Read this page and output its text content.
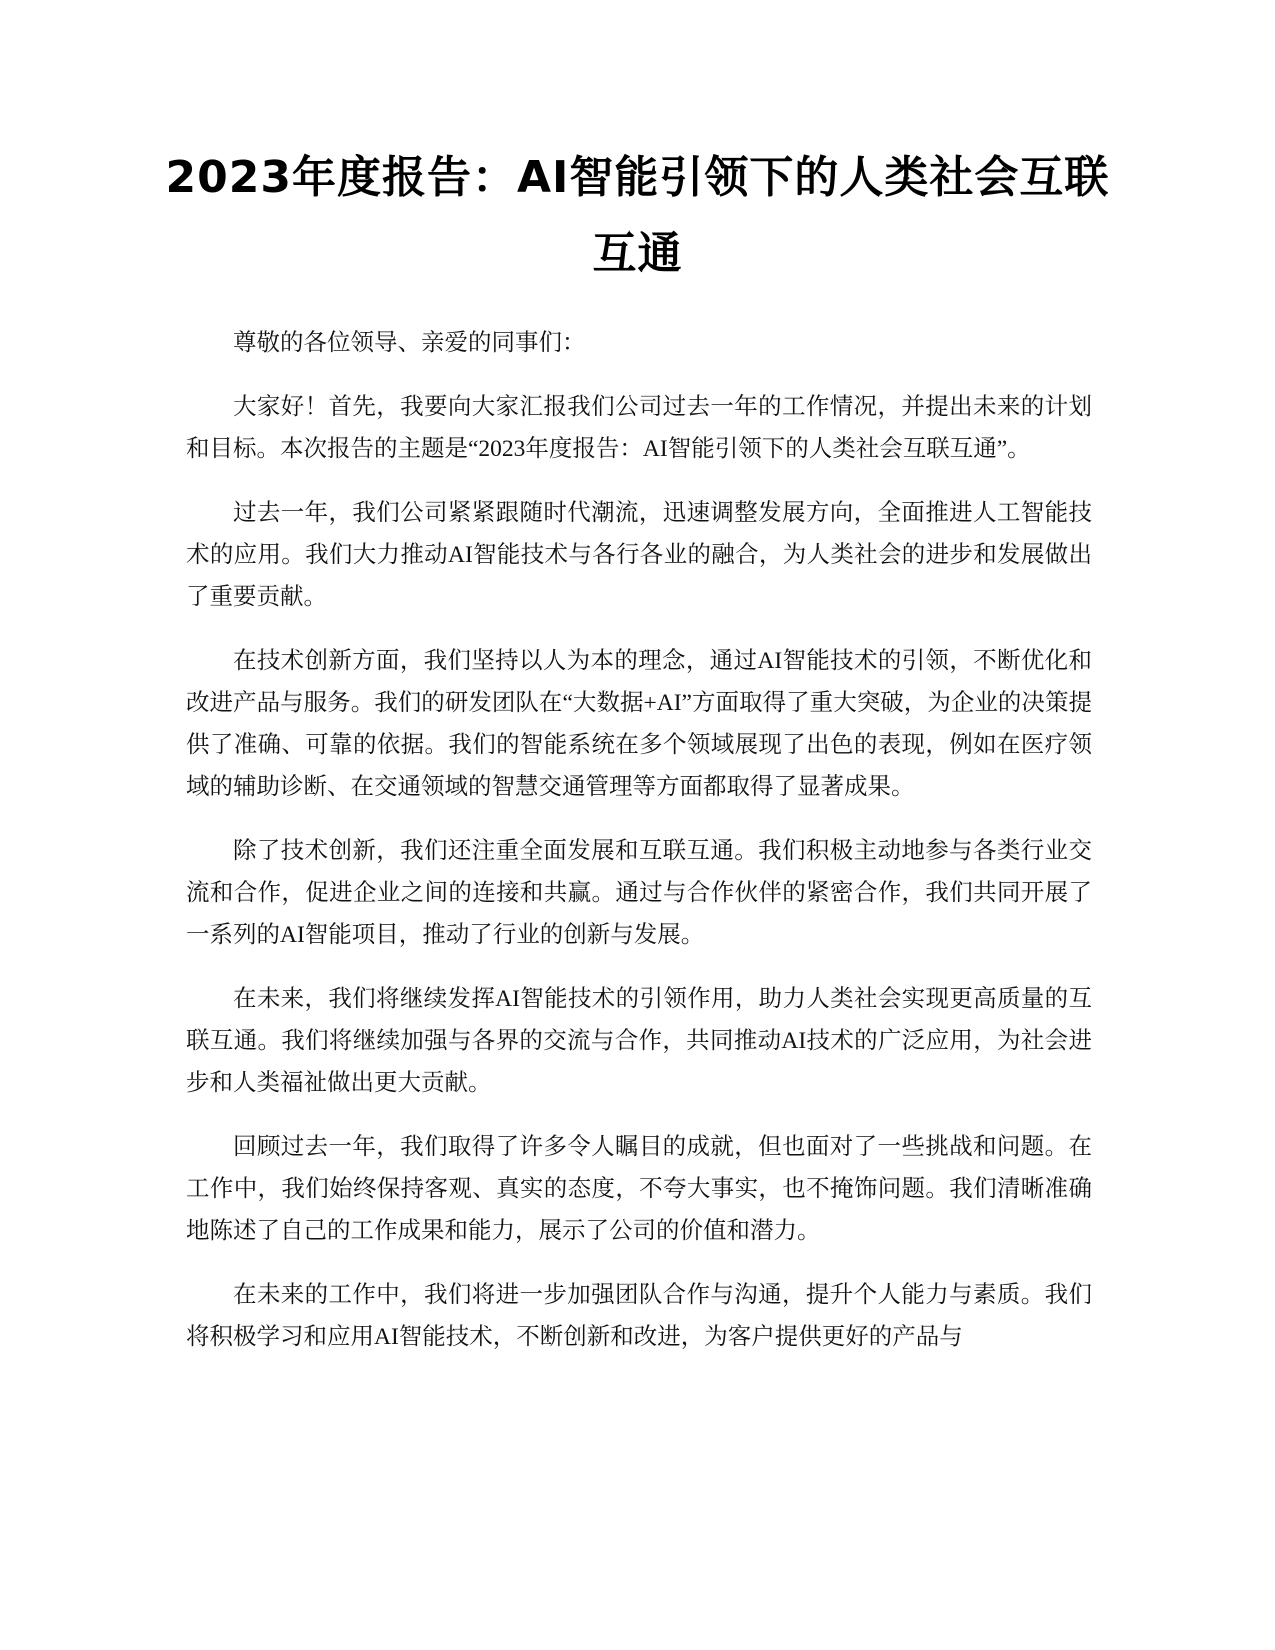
2023年度报告：AI智能引领下的人类社会互联互通

尊敬的各位领导、亲爱的同事们：

大家好！首先，我要向大家汇报我们公司过去一年的工作情况，并提出未来的计划和目标。本次报告的主题是“2023年度报告：AI智能引领下的人类社会互联互通”。

过去一年，我们公司紧紧跟随时代潮流，迅速调整发展方向，全面推进人工智能技术的应用。我们大力推动AI智能技术与各行各业的融合，为人类社会的进步和发展做出了重要贡献。

在技术创新方面，我们坚持以人为本的理念，通过AI智能技术的引领，不断优化和改进产品与服务。我们的研发团队在“大数据+AI”方面取得了重大突破，为企业的决策提供了准确、可靠的依据。我们的智能系统在多个领域展现了出色的表现，例如在医疗领域的辅助诊断、在交通领域的智慧交通管理等方面都取得了显著成果。

除了技术创新，我们还注重全面发展和互联互通。我们积极主动地参与各类行业交流和合作，促进企业之间的连接和共赢。通过与合作伙伴的紧密合作，我们共同开展了一系列的AI智能项目，推动了行业的创新与发展。

在未来，我们将继续发挥AI智能技术的引领作用，助力人类社会实现更高质量的互联互通。我们将继续加强与各界的交流与合作，共同推动AI技术的广泛应用，为社会进步和人类福祉做出更大贡献。

回顾过去一年，我们取得了许多令人瞩目的成就，但也面对了一些挑战和问题。在工作中，我们始终保持客观、真实的态度，不夸大事实，也不掩饰问题。我们清晰准确地陈述了自己的工作成果和能力，展示了公司的价值和潜力。

在未来的工作中，我们将进一步加强团队合作与沟通，提升个人能力与素质。我们将积极学习和应用AI智能技术，不断创新和改进，为客户提供更好的产品与
